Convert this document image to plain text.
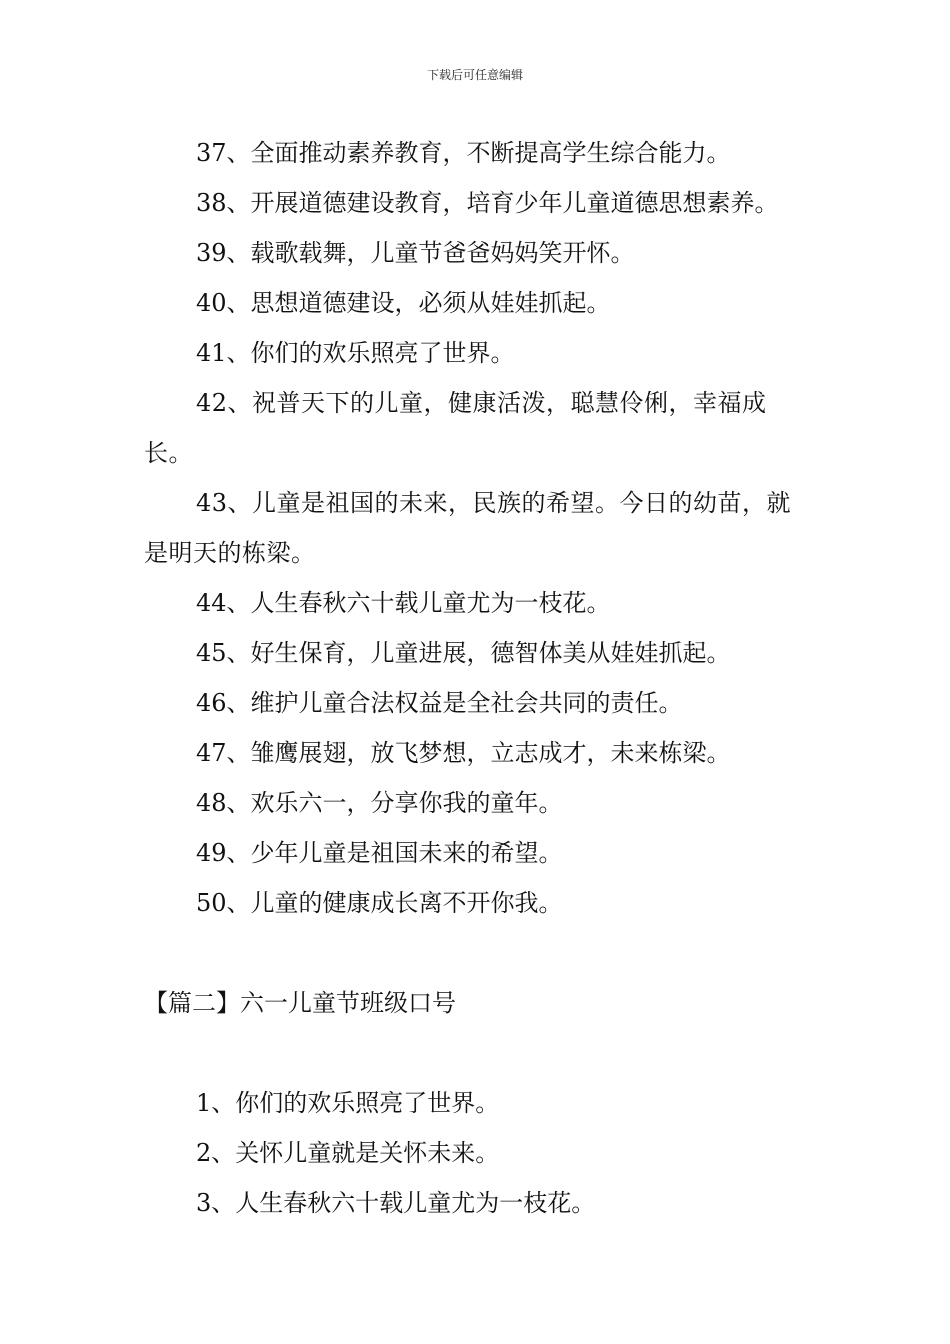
下载后可任意编辑
37、全面推动素养教育，不断提高学生综合能力。
38、开展道德建设教育，培育少年儿童道德思想素养。
39、载歌载舞，儿童节爸爸妈妈笑开怀。
40、思想道德建设，必须从娃娃抓起。
41、你们的欢乐照亮了世界。
42、祝普天下的儿童，健康活泼，聪慧伶俐，幸福成长。
43、儿童是祖国的未来，民族的希望。今日的幼苗，就是明天的栋梁。
44、人生春秋六十载儿童尤为一枝花。
45、好生保育，儿童进展，德智体美从娃娃抓起。
46、维护儿童合法权益是全社会共同的责任。
47、雏鹰展翅，放飞梦想，立志成才，未来栋梁。
48、欢乐六一，分享你我的童年。
49、少年儿童是祖国未来的希望。
50、儿童的健康成长离不开你我。
【篇二】六一儿童节班级口号
1、你们的欢乐照亮了世界。
2、关怀儿童就是关怀未来。
3、人生春秋六十载儿童尤为一枝花。
